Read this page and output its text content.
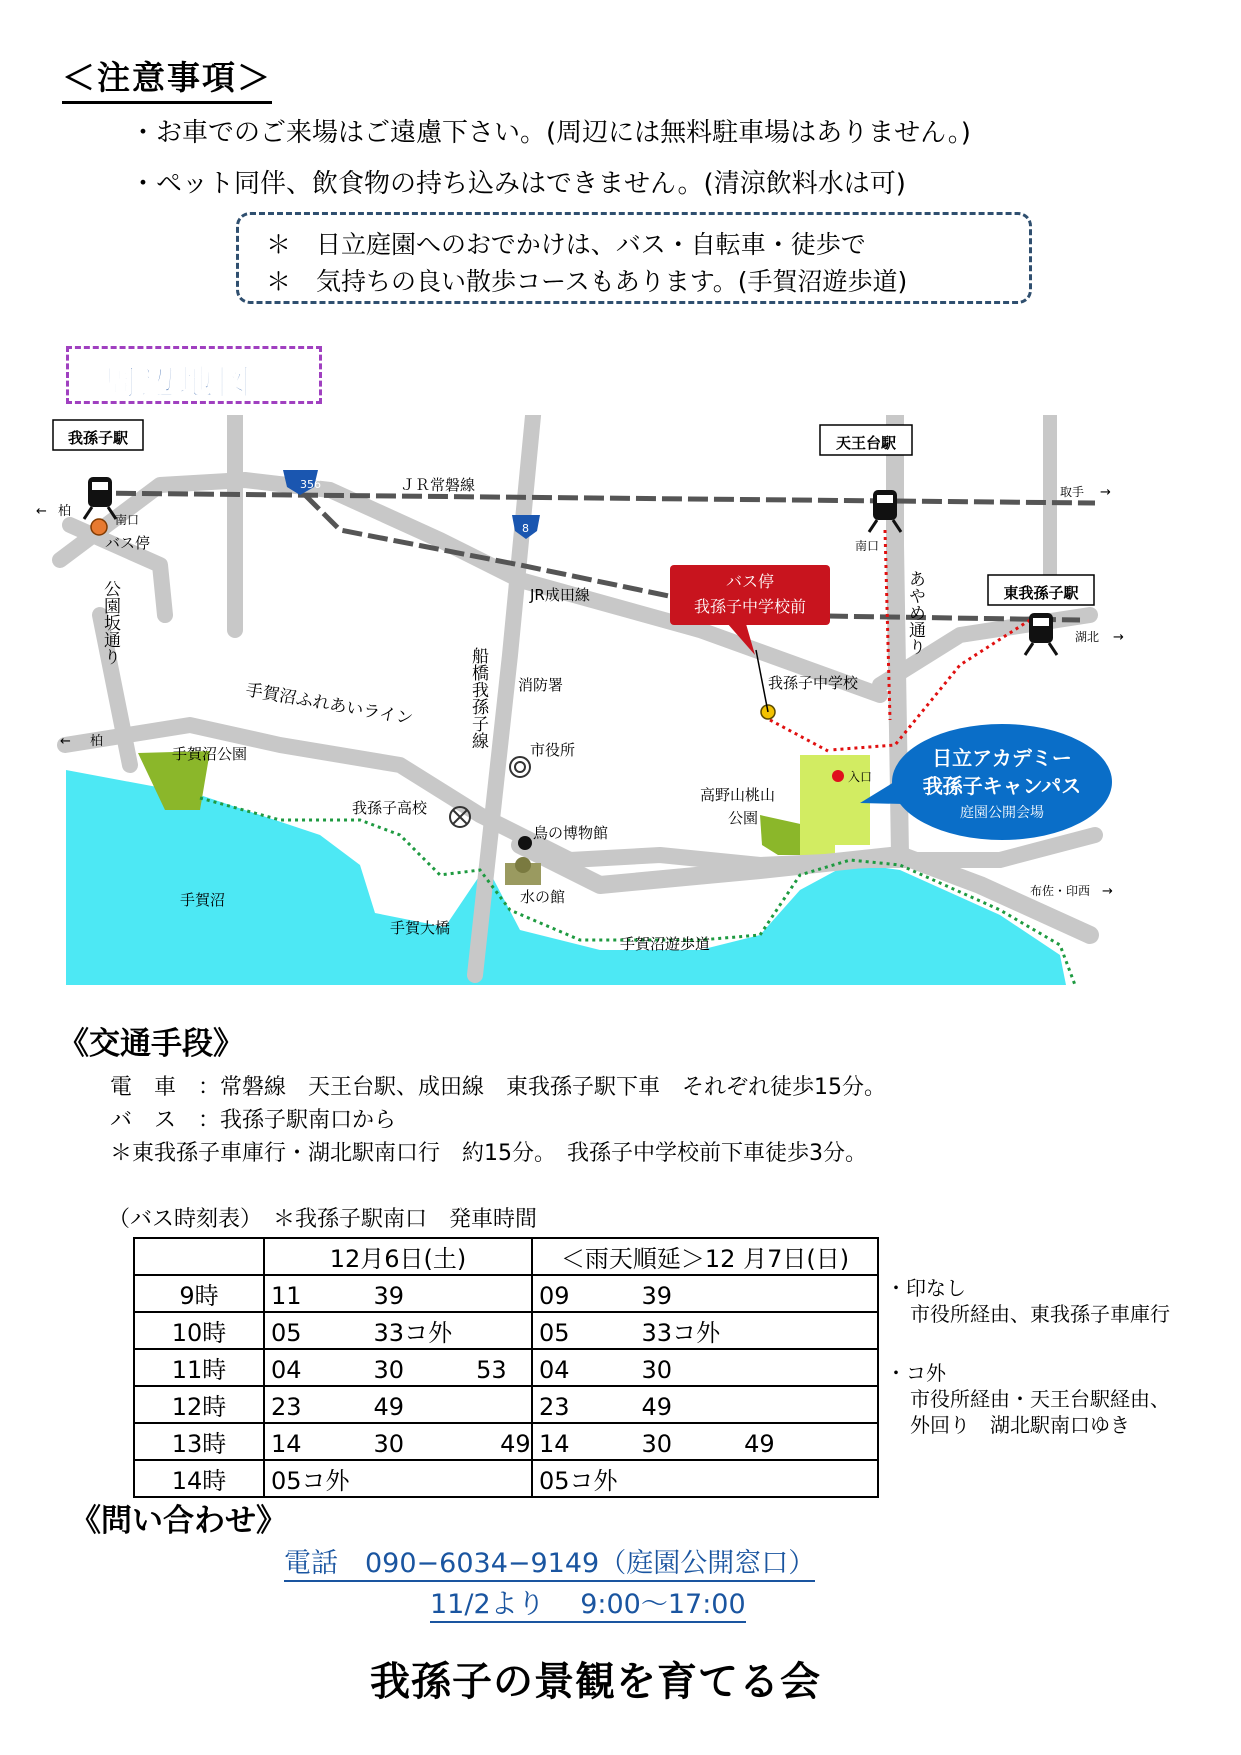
＜注意事項＞
・お車でのご来場はご遠慮下さい。(周辺には無料駐車場はありません。)
・ペット同伴、飲食物の持ち込みはできません。(清涼飲料水は可)
＊　日立庭園へのおでかけは、バス・自転車・徒歩で
＊　気持ちの良い散歩コースもあります。(手賀沼遊歩道)
周辺地図
我孫子駅
南口
バス停
柏
←
柏
←
ＪＲ常磐線
JR成田線
天王台駅
南口
取手 →
東我孫子駅
湖北 →
356
8
公園坂通り
船橋我孫子線
あやめ通り
手賀沼ふれあいライン	消防署
市役所
我孫子高校
鳥の博物館
水の館
手賀沼公園
手賀沼
手賀大橋
手賀沼遊歩道
高野山桃山
公園
我孫子中学校
入口
布佐・印西 →
バス停
我孫子中学校前
日立アカデミー
我孫子キャンパス
庭園公開会場
《交通手段》
電　車　：常磐線　天王台駅、成田線　東我孫子駅下車　それぞれ徒歩15分。
バ　ス　：我孫子駅南口から
＊東我孫子車庫行・湖北駅南口行　約15分。　我孫子中学校前下車徒歩3分。
（バス時刻表）　＊我孫子駅南口　発車時間
	12月6日(土)	＜雨天順延＞12 月7日(日)
9時	11　　　39	09　　　39
10時	05　　　33コ外	05　　　33コ外
11時	04　　　30　　　53	04　　　30
12時	23　　　49	23　　　49
13時	14　　　30　　　　49	14　　　30　　　49
14時	05コ外	05コ外
・印なし
市役所経由、東我孫子車庫行
・コ外
市役所経由・天王台駅経由、
外回り　湖北駅南口ゆき
《問い合わせ》
電話　090−6034−9149（庭園公開窓口）
11/2より　 9:00〜17:00
我孫子の景観を育てる会
